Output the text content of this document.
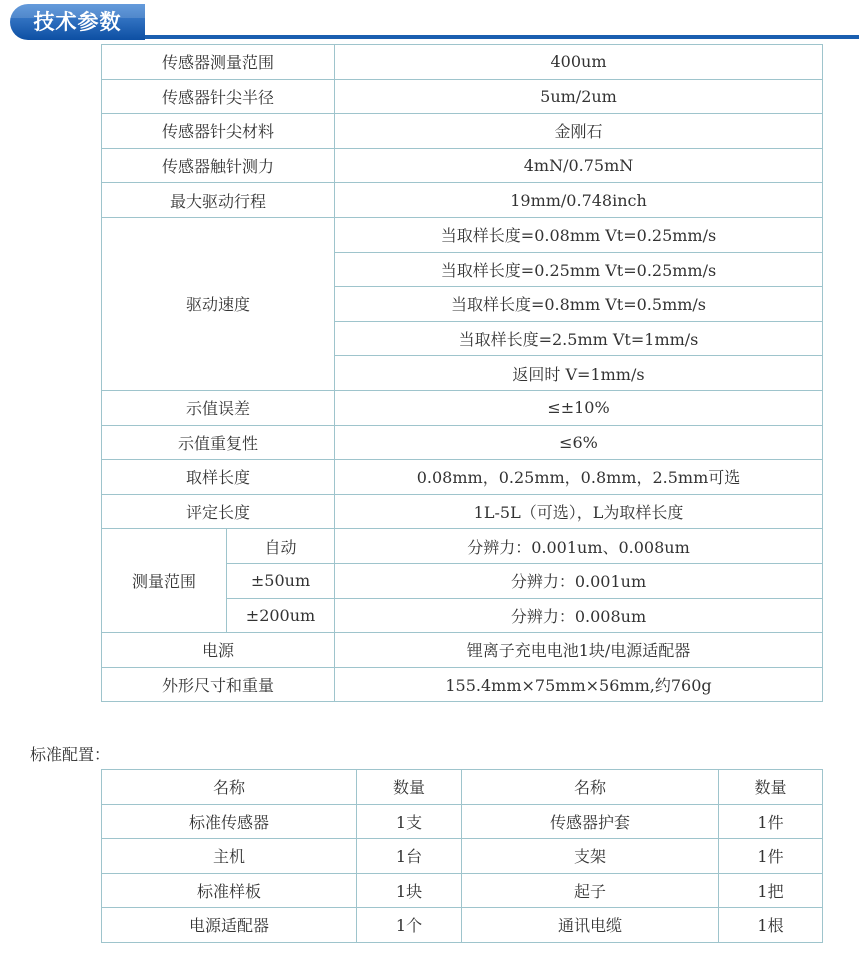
技术参数
传感器测量范围		400um
传感器针尖半径		5um/2um
传感器针尖材料		金刚石
传感器触针测力		4mN/0.75mN
最大驱动行程		19mm/0.748inch
驱动速度		当取样长度=0.08mm Vt=0.25mm/s
		当取样长度=0.25mm Vt=0.25mm/s
		当取样长度=0.8mm Vt=0.5mm/s
		当取样长度=2.5mm Vt=1mm/s
		返回时 V=1mm/s
示值误差		≤±10%
示值重复性		≤6%
取样长度		0.08mm，0.25mm，0.8mm，2.5mm可选
评定长度		1L-5L（可选），L为取样长度
测量范围	自动	分辨力：0.001um、0.008um
	±50um	分辨力：0.001um
	±200um	分辨力：0.008um
电源		锂离子充电电池1块/电源适配器
外形尺寸和重量		155.4mm×75mm×56mm,约760g
标准配置：
名称	数量	名称	数量
标准传感器	1支	传感器护套	1件
主机	1台	支架	1件
标准样板	1块	起子	1把
电源适配器	1个	通讯电缆	1根
